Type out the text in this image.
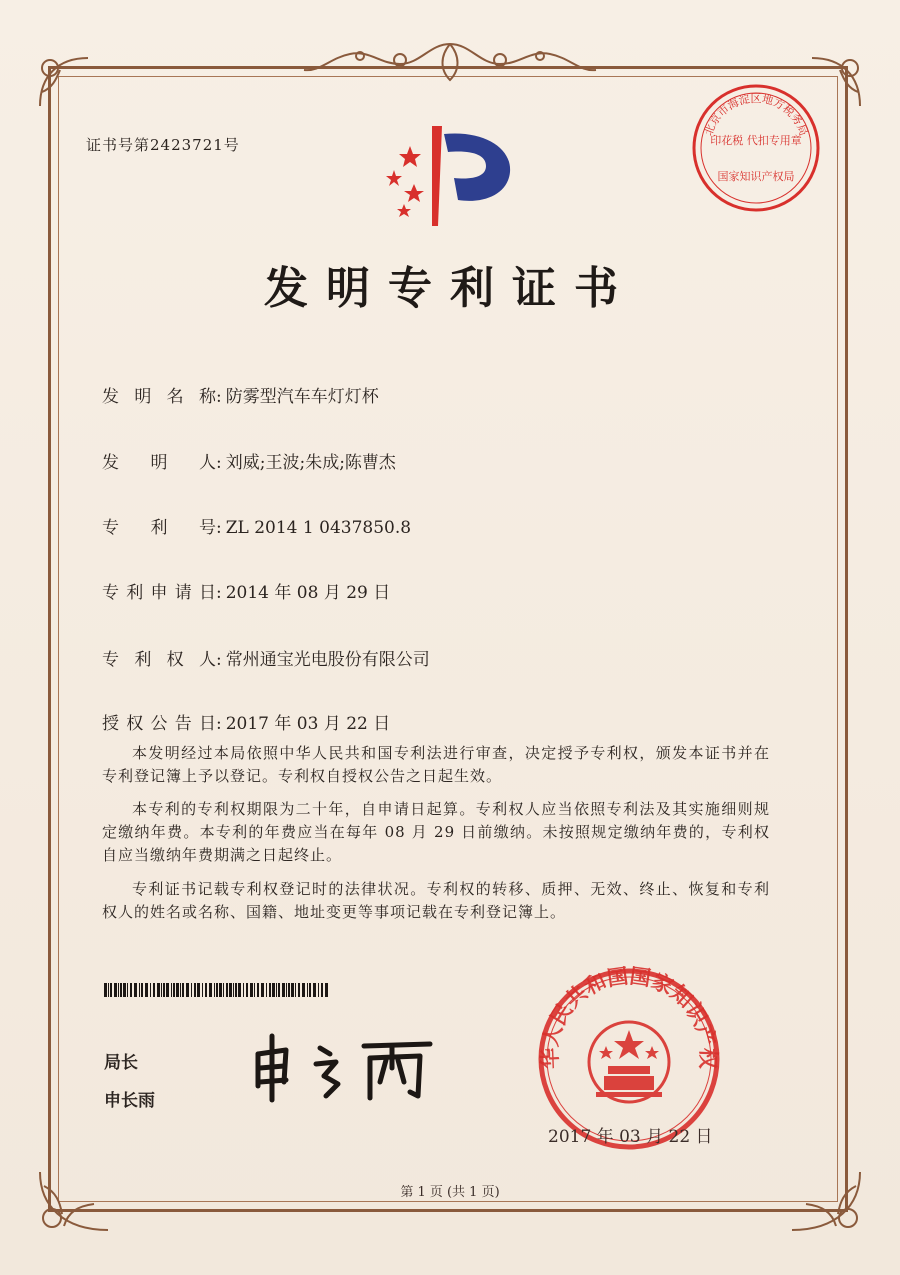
证书号第2423721号
北京市海淀区地方税务局
印花税 代扣专用章
国家知识产权局
发明专利证书
发 明 名 称: 防雾型汽车车灯灯杯
发 明 人: 刘威;王波;朱成;陈曹杰
专 利 号: ZL 2014 1 0437850.8
专利申请日: 2014 年 08 月 29 日
专 利 权 人: 常州通宝光电股份有限公司
授权公告日: 2017 年 03 月 22 日
本发明经过本局依照中华人民共和国专利法进行审查，决定授予专利权，颁发本证书并在专利登记簿上予以登记。专利权自授权公告之日起生效。
本专利的专利权期限为二十年，自申请日起算。专利权人应当依照专利法及其实施细则规定缴纳年费。本专利的年费应当在每年 08 月 29 日前缴纳。未按照规定缴纳年费的，专利权自应当缴纳年费期满之日起终止。
专利证书记载专利权登记时的法律状况。专利权的转移、质押、无效、终止、恢复和专利权人的姓名或名称、国籍、地址变更等事项记载在专利登记簿上。
局长
申长雨
华人民共和国国家知识产权
2017 年 03 月 22 日
第 1 页 (共 1 页)
